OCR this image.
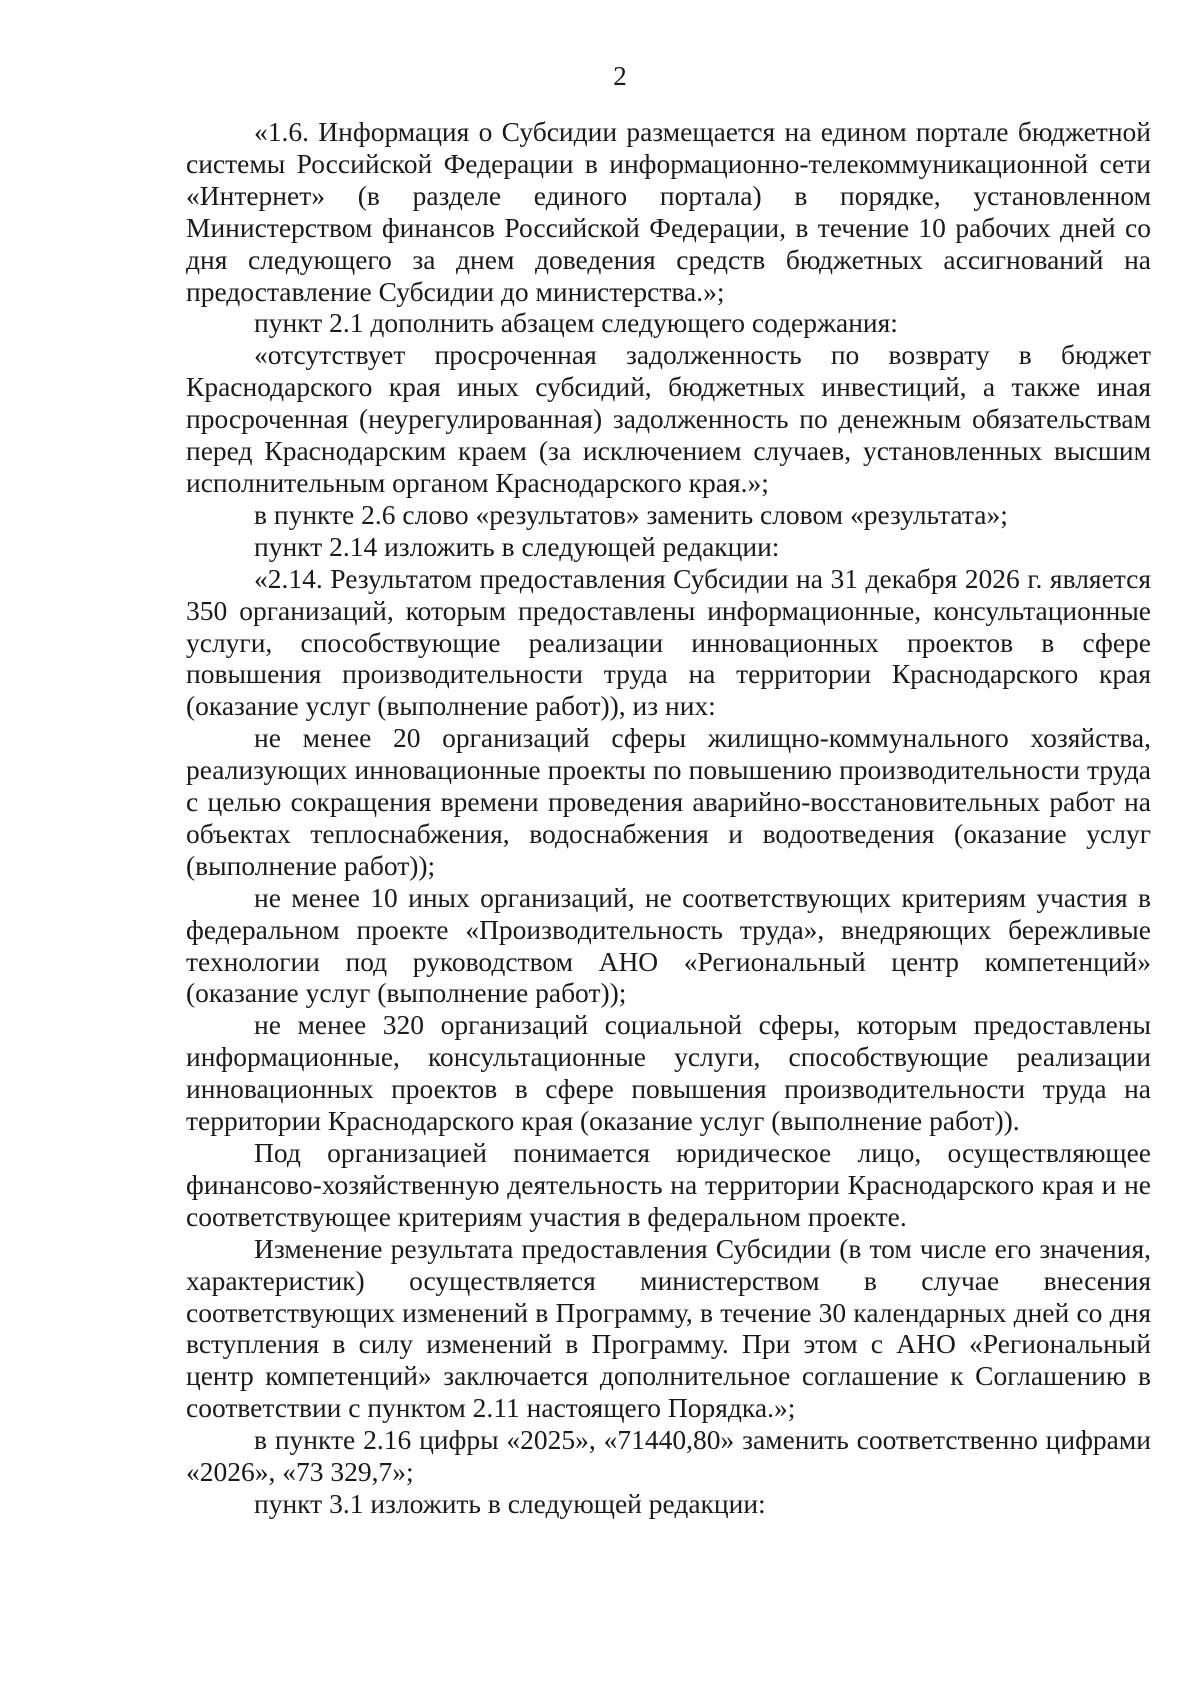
2

«1.6. Информация о Субсидии размещается на едином портале бюджетной системы Российской Федерации в информационно-телекоммуникационной сети «Интернет» (в разделе единого портала) в порядке, установленном Министерством финансов Российской Федерации, в течение 10 рабочих дней со дня следующего за днем доведения средств бюджетных ассигнований на предоставление Субсидии до министерства.»;

пункт 2.1 дополнить абзацем следующего содержания:

«отсутствует просроченная задолженность по возврату в бюджет Краснодарского края иных субсидий, бюджетных инвестиций, а также иная просроченная (неурегулированная) задолженность по денежным обязательствам перед Краснодарским краем (за исключением случаев, установленных высшим исполнительным органом Краснодарского края.»;

в пункте 2.6 слово «результатов» заменить словом «результата»;

пункт 2.14 изложить в следующей редакции:

«2.14. Результатом предоставления Субсидии на 31 декабря 2026 г. является 350 организаций, которым предоставлены информационные, консультационные услуги, способствующие реализации инновационных проектов в сфере повышения производительности труда на территории Краснодарского края (оказание услуг (выполнение работ)), из них:

не менее 20 организаций сферы жилищно-коммунального хозяйства, реализующих инновационные проекты по повышению производительности труда с целью сокращения времени проведения аварийно-восстановительных работ на объектах теплоснабжения, водоснабжения и водоотведения (оказание услуг (выполнение работ));

не менее 10 иных организаций, не соответствующих критериям участия в федеральном проекте «Производительность труда», внедряющих бережливые технологии под руководством АНО «Региональный центр компетенций» (оказание услуг (выполнение работ));

не менее 320 организаций социальной сферы, которым предоставлены информационные, консультационные услуги, способствующие реализации инновационных проектов в сфере повышения производительности труда на территории Краснодарского края (оказание услуг (выполнение работ)).

Под организацией понимается юридическое лицо, осуществляющее финансово-хозяйственную деятельность на территории Краснодарского края и не соответствующее критериям участия в федеральном проекте.

Изменение результата предоставления Субсидии (в том числе его значения, характеристик) осуществляется министерством в случае внесения соответствующих изменений в Программу, в течение 30 календарных дней со дня вступления в силу изменений в Программу. При этом с АНО «Региональный центр компетенций» заключается дополнительное соглашение к Соглашению в соответствии с пунктом 2.11 настоящего Порядка.»;

в пункте 2.16 цифры «2025», «71440,80» заменить соответственно цифрами «2026», «73 329,7»;

пункт 3.1 изложить в следующей редакции:
